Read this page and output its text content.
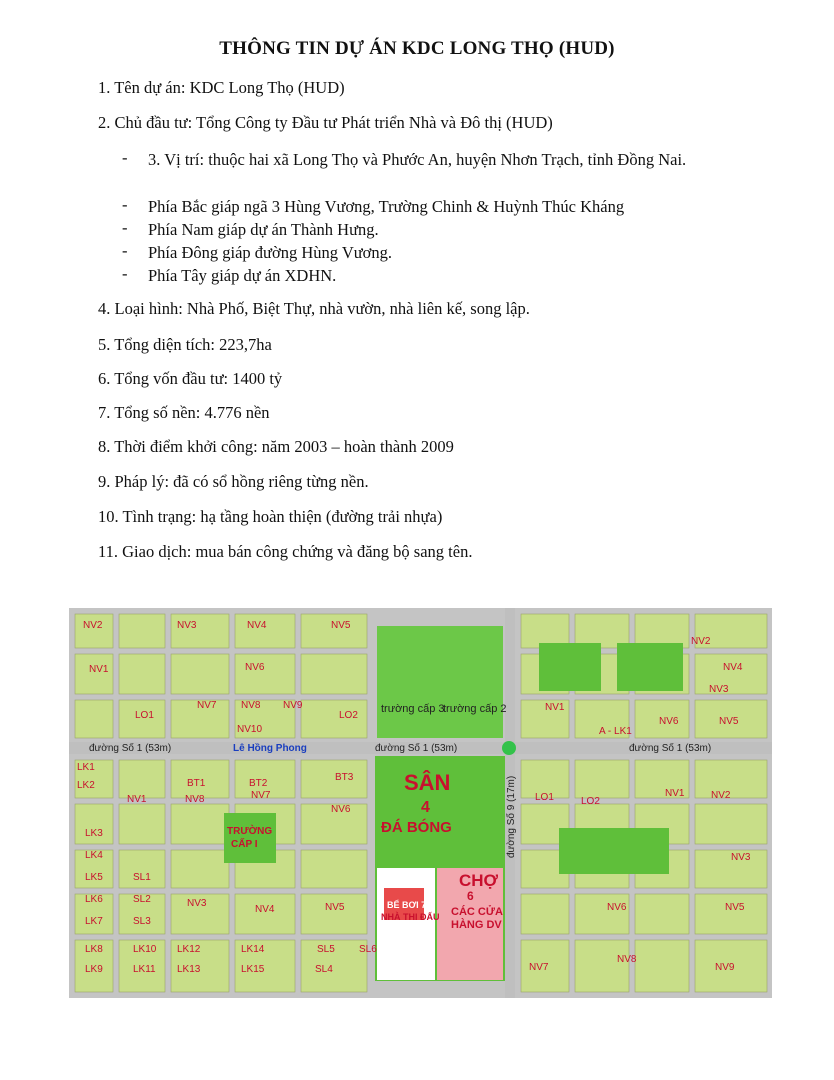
THÔNG TIN DỰ ÁN KDC LONG THỌ (HUD)
1. Tên dự án: KDC Long Thọ (HUD)
2. Chủ đầu tư: Tổng Công ty Đầu tư Phát triển Nhà và Đô thị (HUD)
- 3. Vị trí: thuộc hai xã Long Thọ và Phước An, huyện Nhơn Trạch, tỉnh Đồng Nai.
- Phía Bắc giáp ngã 3 Hùng Vương, Trường Chinh & Huỳnh Thúc Kháng
- Phía Nam giáp dự án Thành Hưng.
- Phía Đông giáp đường Hùng Vương.
- Phía Tây giáp dự án XDHN.
4. Loại hình: Nhà Phố, Biệt Thự, nhà vườn, nhà liên kế, song lập.
5. Tổng diện tích: 223,7ha
6. Tổng vốn đầu tư: 1400 tỷ
7. Tổng số nền: 4.776 nền
8. Thời điểm khởi công: năm 2003 – hoàn thành 2009
9. Pháp lý: đã có sổ hồng riêng từng nền.
10. Tình trạng: hạ tầng hoàn thiện (đường trải nhựa)
11. Giao dịch: mua bán công chứng và đăng bộ sang tên.
đường Số 1 (53m)	Lê Hồng Phong	đường Số 1 (53m)	đường Số 1 (53m)
đường Số 9 (17m)
SÂN
4
ĐÁ BÓNG
CHỢ
6
CÁC CỬA
HÀNG DV
BỂ BƠI 7
NHÀ THI ĐẤU
TRƯỜNG
CẤP I
trường cấp 2
trường cấp 3
NV2	NV3	NV4	NV5
NV1	NV6
NV7 NV8 NV9
NV10
LO1	LO2
NV1
NV2
NV3
NV4
NV5
NV6
A - LK1
LK1
LK2
NV1
BT1
NV8
BT2
NV7
BT3
NV6
LK3
LK4
LK5
LK6
LK7
SL1
SL2
SL3
NV3
NV4	NV5
LK8
LK9
LK10
LK11
LK12
LK13
LK14
LK15	SL4
SL5 SL6
LO1	LO2
NV1	NV2
NV3
NV6	NV5
NV7
NV8
NV9
